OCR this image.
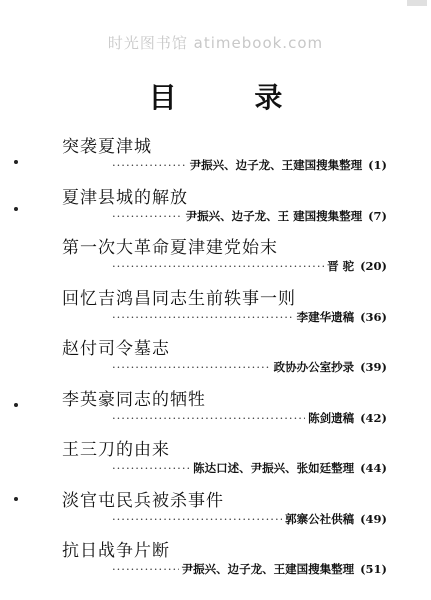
时光图书馆 atimebook.com
目 录
突袭夏津城
·····
尹振兴、边子龙、王建国搜集整理 (1)
夏津县城的解放
·····
尹振兴、边子龙、王 建国搜集整理 (7)
第一次大革命夏津建党始末
·····
晋 驼 (20)
回忆吉鸿昌同志生前轶事一则
·····
李建华遗稿 (36)
赵付司令墓志
·····
政协办公室抄录 (39)
李英豪同志的牺牲
·····
陈剑遗稿 (42)
王三刀的由来
·····
陈达口述、尹振兴、张如廷整理 (44)
淡官屯民兵被杀事件
·····
郭寨公社供稿 (49)
抗日战争片断
·····
尹振兴、边子龙、王建国搜集整理 (51)
